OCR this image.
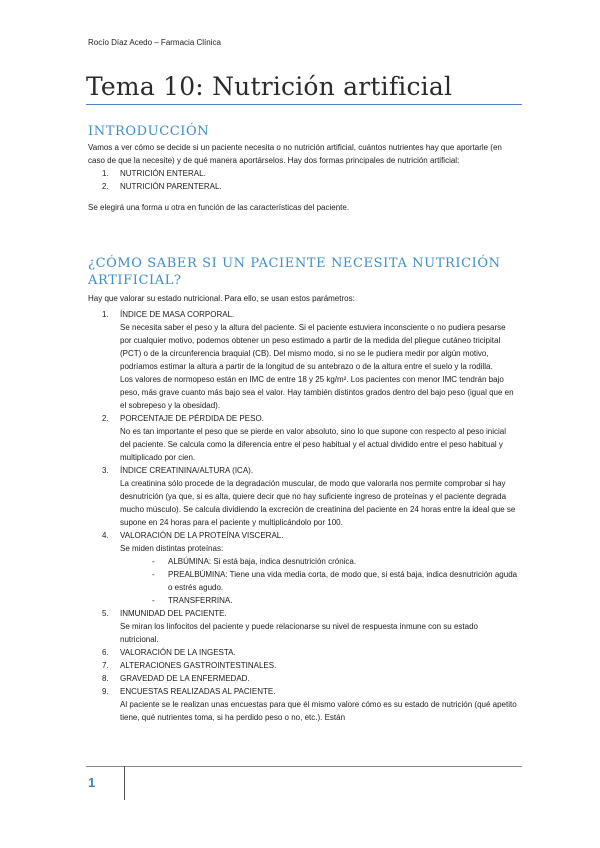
Rocío Díaz Acedo – Farmacia Clínica
Tema 10: Nutrición artificial
INTRODUCCIÓN

Vamos a ver cómo se decide si un paciente necesita o no nutrición artificial, cuántos nutrientes hay que aportarle (en caso de que la necesite) y de qué manera aportárselos. Hay dos formas principales de nutrición artificial:

1. NUTRICIÓN ENTERAL.
2. NUTRICIÓN PARENTERAL.

Se elegirá una forma u otra en función de las características del paciente.

¿CÓMO SABER SI UN PACIENTE NECESITA NUTRICIÓN ARTIFICIAL?

Hay que valorar su estado nutricional. Para ello, se usan estos parámetros:

1. ÍNDICE DE MASA CORPORAL.
Se necesita saber el peso y la altura del paciente. Si el paciente estuviera inconsciente o no pudiera pesarse por cualquier motivo, podemos obtener un peso estimado a partir de la medida del pliegue cutáneo tricipital (PCT) o de la circunferencia braquial (CB). Del mismo modo, si no se le pudiera medir por algún motivo, podríamos estimar la altura a partir de la longitud de su antebrazo o de la altura entre el suelo y la rodilla.
Los valores de normopeso están en IMC de entre 18 y 25 kg/m². Los pacientes con menor IMC tendrán bajo peso, más grave cuanto más bajo sea el valor. Hay también distintos grados dentro del bajo peso (igual que en el sobrepeso y la obesidad).
2. PORCENTAJE DE PÉRDIDA DE PESO.
No es tan importante el peso que se pierde en valor absoluto, sino lo que supone con respecto al peso inicial del paciente. Se calcula como la diferencia entre el peso habitual y el actual dividido entre el peso habitual y multiplicado por cien.
3. ÍNDICE CREATININA/ALTURA (ICA).
La creatinina sólo procede de la degradación muscular, de modo que valorarla nos permite comprobar si hay desnutrición (ya que, si es alta, quiere decir que no hay suficiente ingreso de proteínas y el paciente degrada mucho músculo). Se calcula dividiendo la excreción de creatinina del paciente en 24 horas entre la ideal que se supone en 24 horas para el paciente y multiplicándolo por 100.
4. VALORACIÓN DE LA PROTEÍNA VISCERAL.
Se miden distintas proteínas:
- ALBÚMINA: Si está baja, indica desnutrición crónica.
- PREALBÚMINA: Tiene una vida media corta, de modo que, si está baja, indica desnutrición aguda o estrés agudo.
- TRANSFERRINA.
5. INMUNIDAD DEL PACIENTE.
Se miran los linfocitos del paciente y puede relacionarse su nivel de respuesta inmune con su estado nutricional.
6. VALORACIÓN DE LA INGESTA.
7. ALTERACIONES GASTROINTESTINALES.
8. GRAVEDAD DE LA ENFERMEDAD.
9. ENCUESTAS REALIZADAS AL PACIENTE.
Al paciente se le realizan unas encuestas para que él mismo valore cómo es su estado de nutrición (qué apetito tiene, qué nutrientes toma, si ha perdido peso o no, etc.). Están
1
